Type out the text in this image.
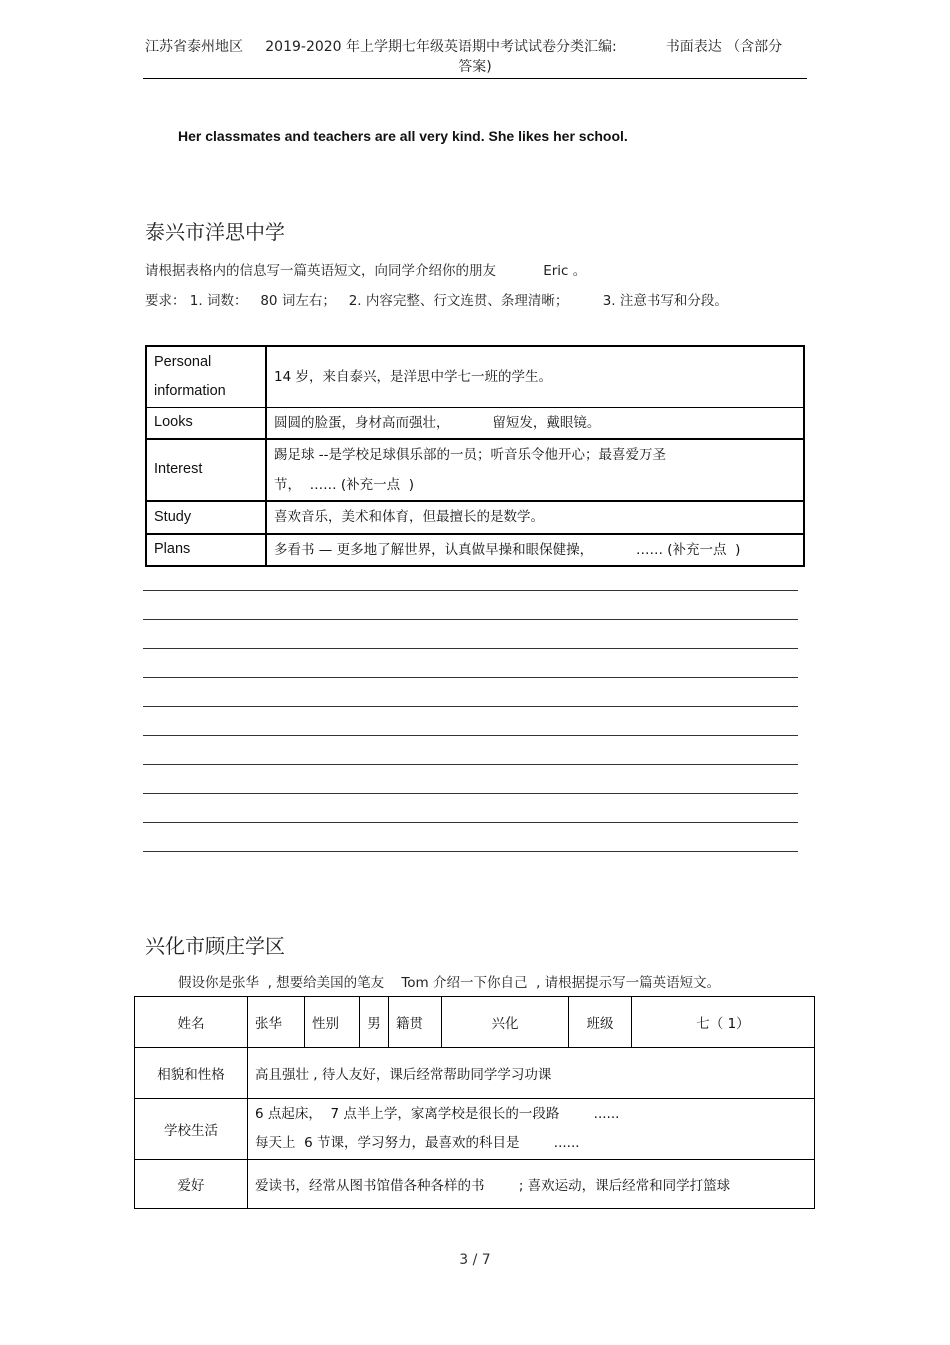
江苏省泰州地区 2019-2020 年上学期七年级英语期中考试试卷分类汇编:	书面表达 （含部分
答案)
Her classmates and teachers are all very kind. She likes her school.
泰兴市洋思中学
请根据表格内的信息写一篇英语短文，向同学介绍你的朋友	Eric 。
要求： 1. 词数： 80 词左右； 2. 内容完整、行文连贯、条理清晰；	3. 注意书写和分段。
Personal
information	14 岁，来自泰兴，是洋思中学七一班的学生。
Looks	圆圆的脸蛋，身材高而强壮，          留短发，戴眼镜。
Interest	踢足球 --是学校足球俱乐部的一员；听音乐令他开心；最喜爱万圣
节，  …… (补充一点  )

Study	喜欢音乐，美术和体育，但最擅长的是数学。
Plans	多看书 — 更多地了解世界，认真做早操和眼保健操，          …… (补充一点  )
兴化市顾庄学区
假设你是张华  , 想要给美国的笔友    Tom 介绍一下你自己  , 请根据提示写一篇英语短文。
姓名	张华	性别	男	籍贯	兴化	班级	七（ 1）
相貌和性格	高且强壮 , 待人友好，课后经常帮助同学学习功课						
学校生活	6 点起床，  7 点半上学，家离学校是很长的一段路        ......
每天上  6 节课，学习努力，最喜欢的科目是        ......						

爱好	爱读书，经常从图书馆借各种各样的书        ; 喜欢运动，课后经常和同学打篮球						
3 / 7
